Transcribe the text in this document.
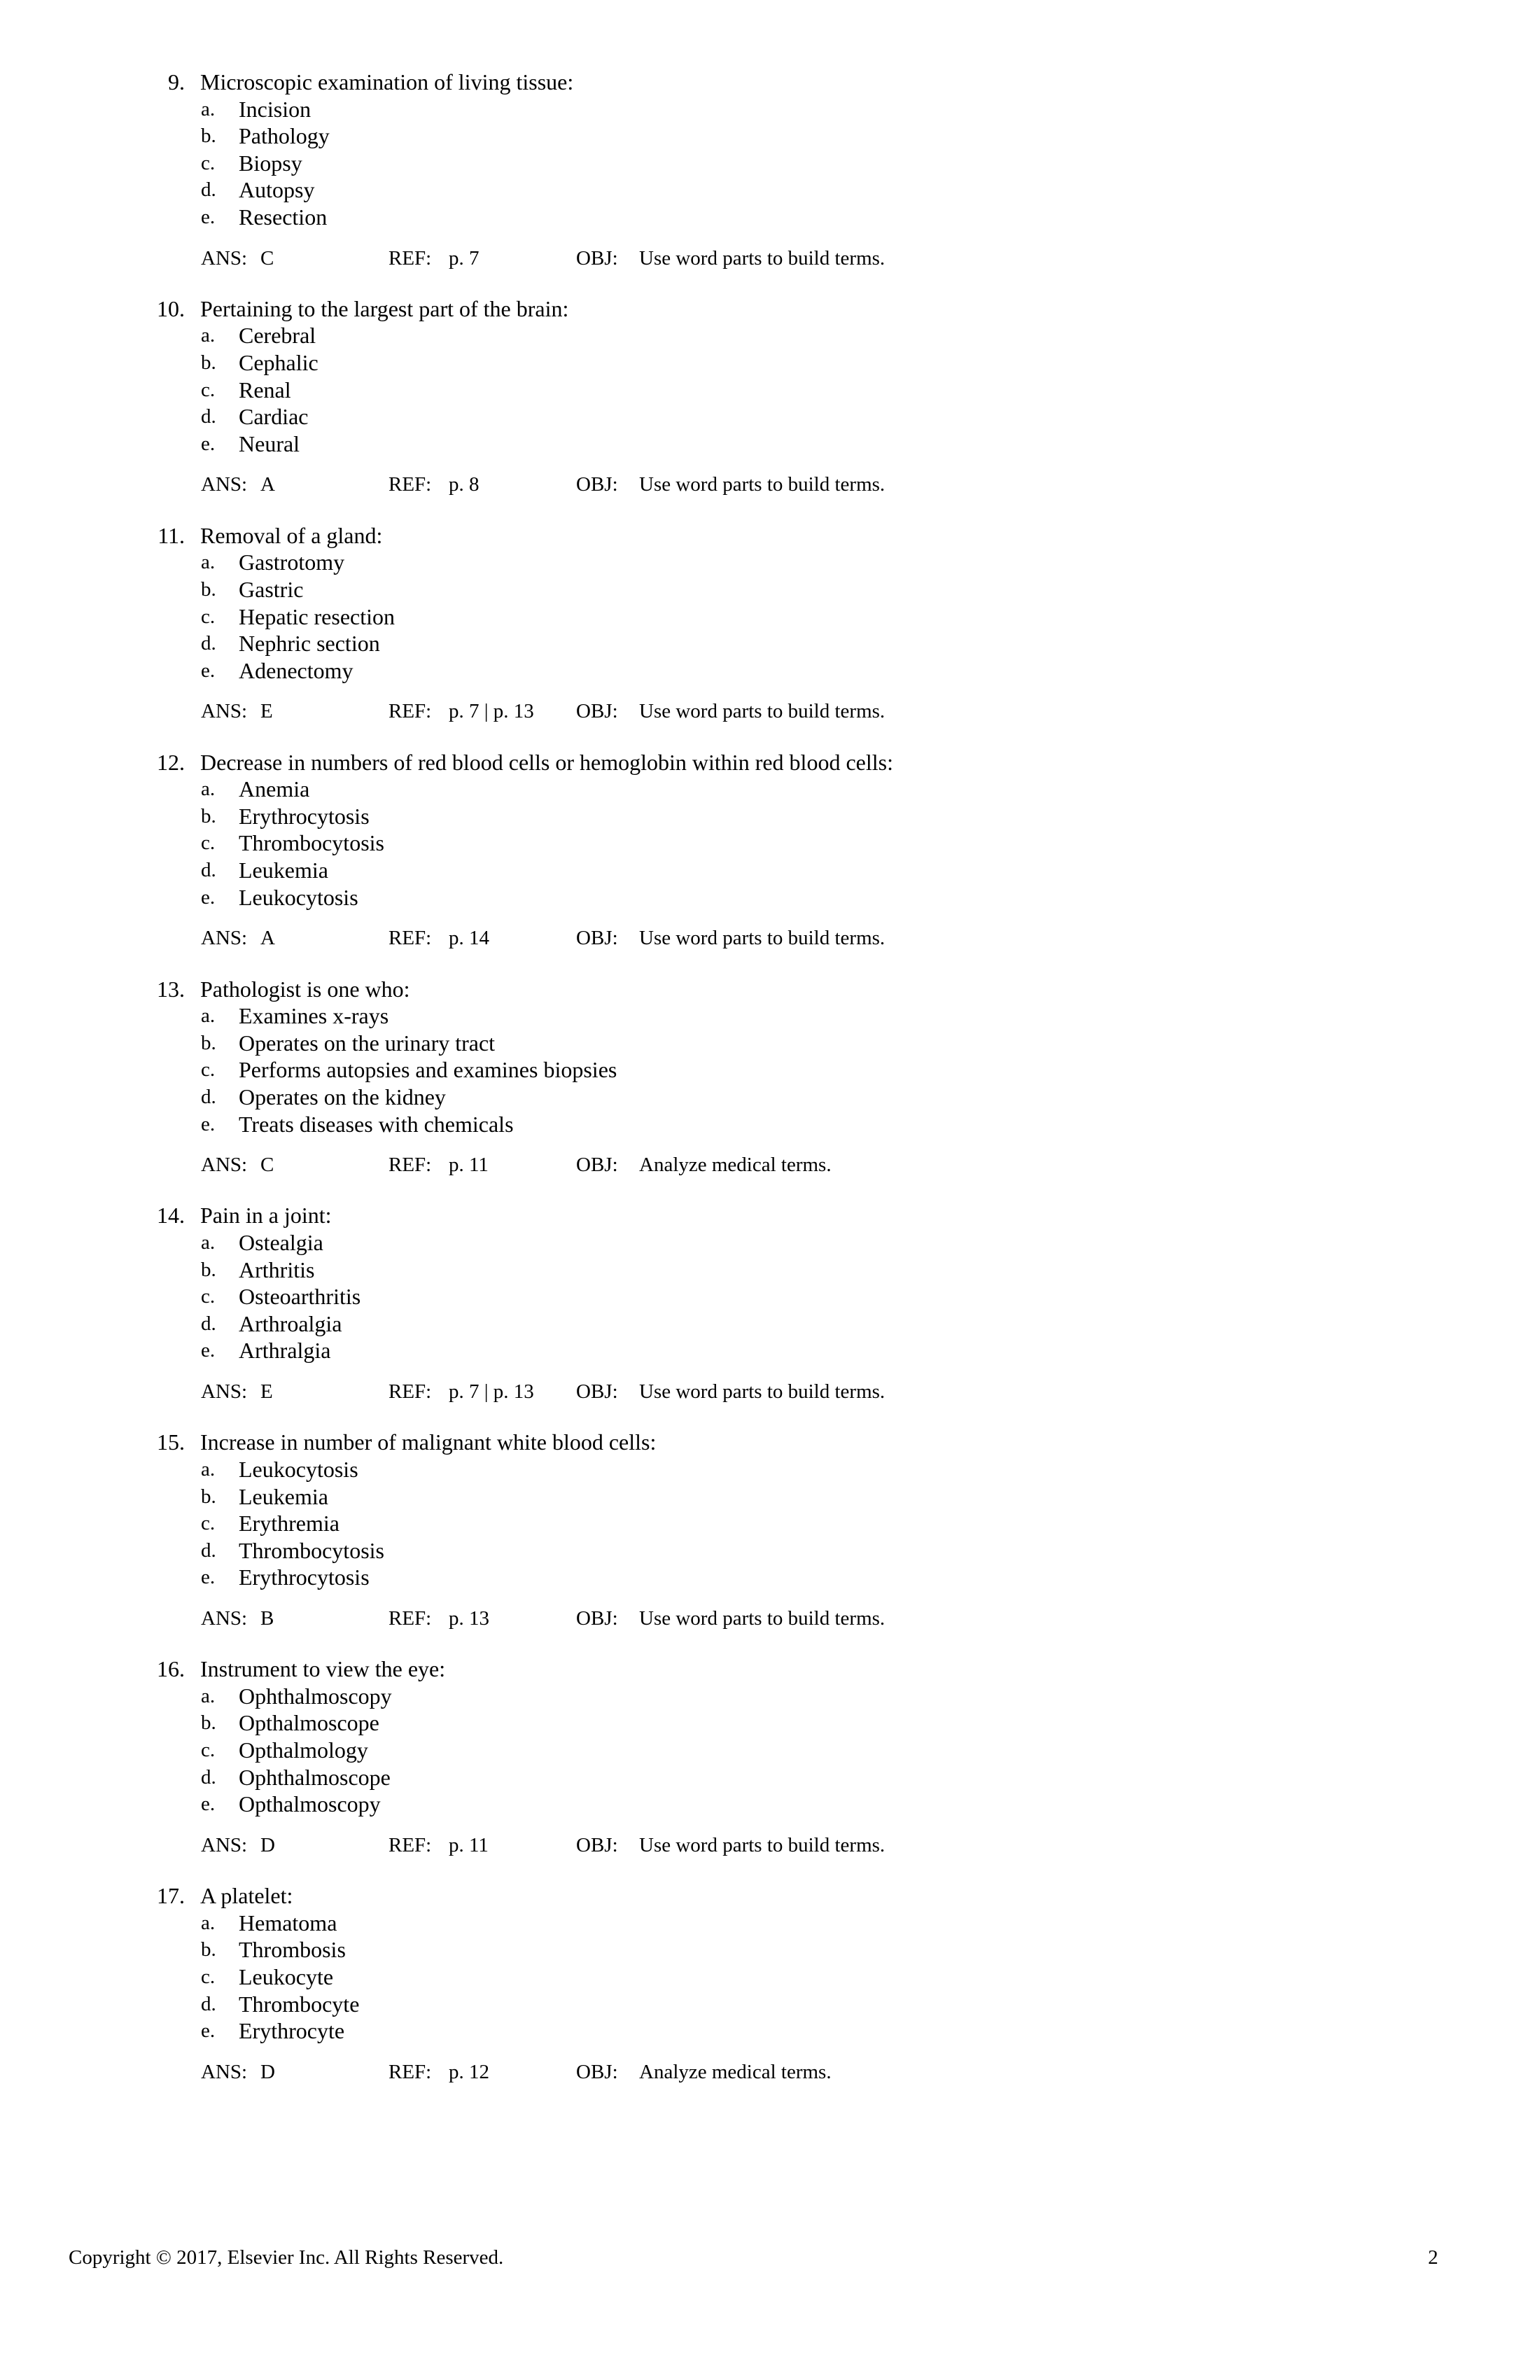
9. Microscopic examination of living tissue:
a. Incision
b. Pathology
c. Biopsy
d. Autopsy
e. Resection
ANS: C	REF: p. 7	OBJ: Use word parts to build terms.
10. Pertaining to the largest part of the brain:
a. Cerebral
b. Cephalic
c. Renal
d. Cardiac
e. Neural
ANS: A	REF: p. 8	OBJ: Use word parts to build terms.
11. Removal of a gland:
a. Gastrotomy
b. Gastric
c. Hepatic resection
d. Nephric section
e. Adenectomy
ANS: E	REF: p. 7 | p. 13 OBJ: Use word parts to build terms.
12. Decrease in numbers of red blood cells or hemoglobin within red blood cells:
a. Anemia
b. Erythrocytosis
c. Thrombocytosis
d. Leukemia
e. Leukocytosis
ANS: A	REF: p. 14	OBJ: Use word parts to build terms.
13. Pathologist is one who:
a. Examines x-rays
b. Operates on the urinary tract
c. Performs autopsies and examines biopsies
d. Operates on the kidney
e. Treats diseases with chemicals
ANS: C	REF: p. 11	OBJ: Analyze medical terms.
14. Pain in a joint:
a. Ostealgia
b. Arthritis
c. Osteoarthritis
d. Arthroalgia
e. Arthralgia
ANS: E	REF: p. 7 | p. 13 OBJ: Use word parts to build terms.
15. Increase in number of malignant white blood cells:
a. Leukocytosis
b. Leukemia
c. Erythremia
d. Thrombocytosis
e. Erythrocytosis
ANS: B	REF: p. 13	OBJ: Use word parts to build terms.
16. Instrument to view the eye:
a. Ophthalmoscopy
b. Opthalmoscope
c. Opthalmology
d. Ophthalmoscope
e. Opthalmoscopy
ANS: D	REF: p. 11	OBJ: Use word parts to build terms.
17. A platelet:
a. Hematoma
b. Thrombosis
c. Leukocyte
d. Thrombocyte
e. Erythrocyte
ANS: D	REF: p. 12	OBJ: Analyze medical terms.
Copyright © 2017, Elsevier Inc. All Rights Reserved.	2
